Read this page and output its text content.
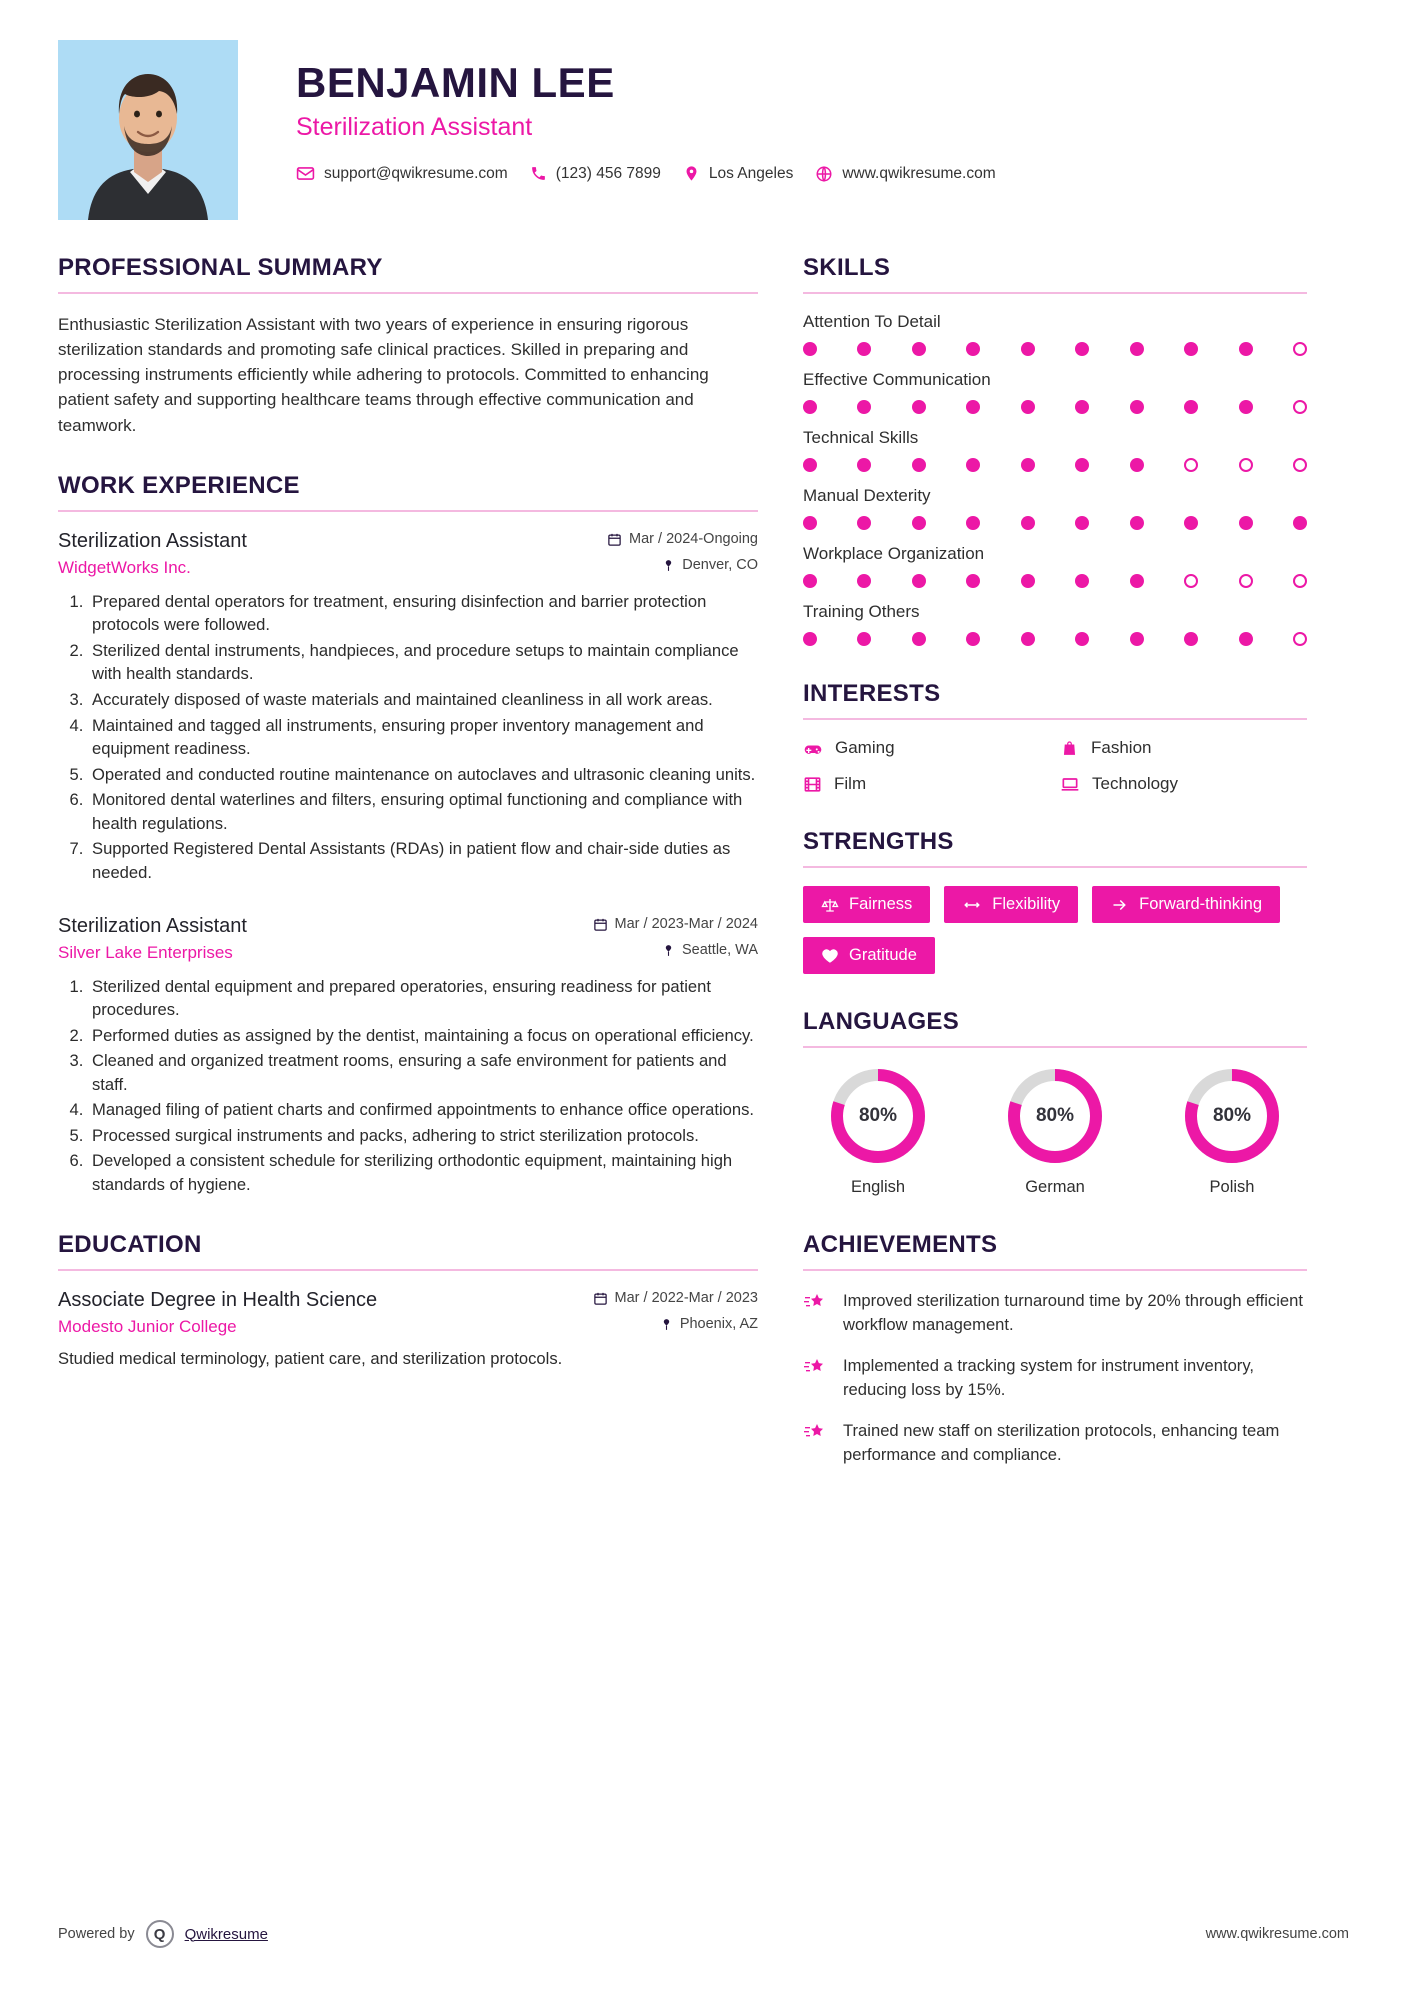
BENJAMIN LEE
Sterilization Assistant
support@qwikresume.com	(123) 456 7899	Los Angeles	www.qwikresume.com
PROFESSIONAL SUMMARY

Enthusiastic Sterilization Assistant with two years of experience in ensuring rigorous sterilization standards and promoting safe clinical practices. Skilled in preparing and processing instruments efficiently while adhering to protocols. Committed to enhancing patient safety and supporting healthcare teams through effective communication and teamwork.

WORK EXPERIENCE
Sterilization Assistant	Mar / 2024-Ongoing
WidgetWorks Inc.	Denver, CO
1. Prepared dental operators for treatment, ensuring disinfection and barrier protection protocols were followed.
2. Sterilized dental instruments, handpieces, and procedure setups to maintain compliance with health standards.
3. Accurately disposed of waste materials and maintained cleanliness in all work areas.
4. Maintained and tagged all instruments, ensuring proper inventory management and equipment readiness.
5. Operated and conducted routine maintenance on autoclaves and ultrasonic cleaning units.
6. Monitored dental waterlines and filters, ensuring optimal functioning and compliance with health regulations.
7. Supported Registered Dental Assistants (RDAs) in patient flow and chair-side duties as needed.
Sterilization Assistant	Mar / 2023-Mar / 2024
Silver Lake Enterprises	Seattle, WA
1. Sterilized dental equipment and prepared operatories, ensuring readiness for patient procedures.
2. Performed duties as assigned by the dentist, maintaining a focus on operational efficiency.
3. Cleaned and organized treatment rooms, ensuring a safe environment for patients and staff.
4. Managed filing of patient charts and confirmed appointments to enhance office operations.
5. Processed surgical instruments and packs, adhering to strict sterilization protocols.
6. Developed a consistent schedule for sterilizing orthodontic equipment, maintaining high standards of hygiene.
EDUCATION
Associate Degree in Health Science	Mar / 2022-Mar / 2023
Modesto Junior College	Phoenix, AZ
Studied medical terminology, patient care, and sterilization protocols.
SKILLS
Attention To Detail
Effective Communication
Technical Skills
Manual Dexterity
Workplace Organization
Training Others
INTERESTS
Gaming	Fashion
Film	Technology
STRENGTHS
Fairness	Flexibility	Forward-thinking
Gratitude
LANGUAGES
80%
English
80%
German
80%
Polish
ACHIEVEMENTS
Improved sterilization turnaround time by 20% through efficient workflow management.
Implemented a tracking system for instrument inventory, reducing loss by 15%.
Trained new staff on sterilization protocols, enhancing team performance and compliance.
Powered by	Q	Qwikresume	www.qwikresume.com
